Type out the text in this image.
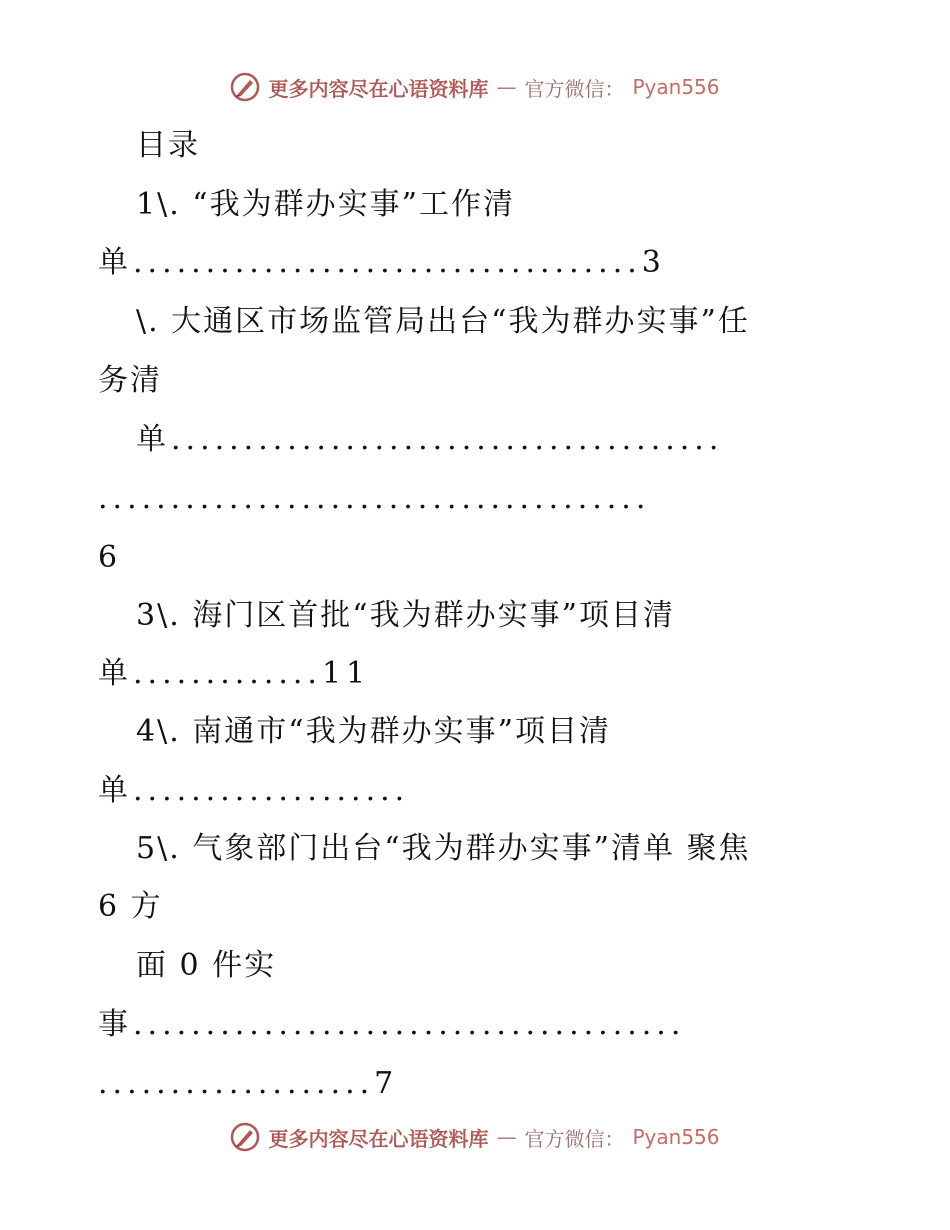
更多内容尽在心语资料库 — 官方微信： Pyan556
目录
1\. “我为群办实事”工作清
单...................................3
\. 大通区市场监管局出台“我为群办实事”任
务清
单......................................
......................................
6
3\. 海门区首批“我为群办实事”项目清
单.............11
4\. 南通市“我为群办实事”项目清
单...................
5\. 气象部门出台“我为群办实事”清单 聚焦
6 方
面 0 件实
事......................................
...................7
更多内容尽在心语资料库 — 官方微信： Pyan556
